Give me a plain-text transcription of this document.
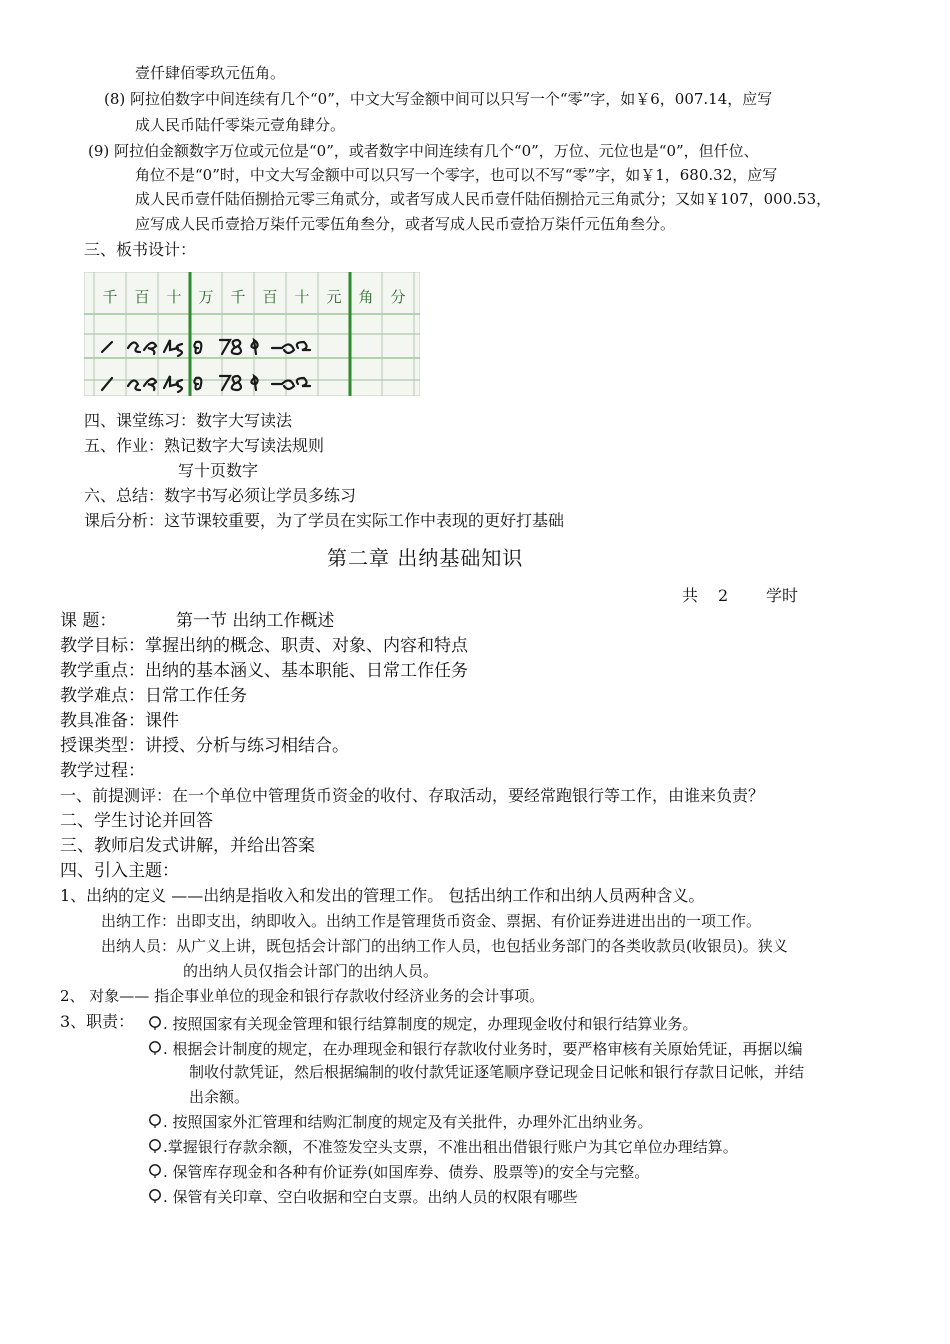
壹仟肆佰零玖元伍角。
(8) 阿拉伯数字中间连续有几个“0”，中文大写金额中间可以只写一个“零”字，如￥6，007.14，应写
成人民币陆仟零柒元壹角肆分。
(9) 阿拉伯金额数字万位或元位是“0”，或者数字中间连续有几个“0”，万位、元位也是“0”，但仟位、
角位不是“0”时，中文大写金额中可以只写一个零字，也可以不写“零”字，如￥1，680.32，应写
成人民币壹仟陆佰捌拾元零三角贰分，或者写成人民币壹仟陆佰捌拾元三角贰分；又如￥107，000.53，
应写成人民币壹拾万柒仟元零伍角叁分，或者写成人民币壹拾万柒仟元伍角叁分。
三、板书设计：
千 百 十 万 千 百 十 元 角 分
四、课堂练习：数字大写读法
五、作业：熟记数字大写读法规则
写十页数字
六、总结：数字书写必须让学员多练习
课后分析：这节课较重要，为了学员在实际工作中表现的更好打基础
第二章 出纳基础知识
共 2 学时
课 题：	第一节 出纳工作概述
教学目标：掌握出纳的概念、职责、对象、内容和特点
教学重点：出纳的基本涵义、基本职能、日常工作任务
教学难点：日常工作任务
教具准备：课件
授课类型：讲授、分析与练习相结合。
教学过程：
一、前提测评：在一个单位中管理货币资金的收付、存取活动，要经常跑银行等工作，由谁来负责？
二、学生讨论并回答
三、教师启发式讲解，并给出答案
四、引入主题：
1、出纳的定义 ——出纳是指收入和发出的管理工作。 包括出纳工作和出纳人员两种含义。
出纳工作：出即支出，纳即收入。出纳工作是管理货币资金、票据、有价证券进进出出的一项工作。
出纳人员：从广义上讲，既包括会计部门的出纳工作人员，也包括业务部门的各类收款员(收银员)。狭义
的出纳人员仅指会计部门的出纳人员。
2、 对象—— 指企事业单位的现金和银行存款收付经济业务的会计事项。
3、职责：	. 按照国家有关现金管理和银行结算制度的规定，办理现金收付和银行结算业务。
. 根据会计制度的规定，在办理现金和银行存款收付业务时，要严格审核有关原始凭证，再据以编
制收付款凭证，然后根据编制的收付款凭证逐笔顺序登记现金日记帐和银行存款日记帐，并结
出余额。
. 按照国家外汇管理和结购汇制度的规定及有关批件，办理外汇出纳业务。
.掌握银行存款余额，不准签发空头支票，不准出租出借银行账户为其它单位办理结算。
. 保管库存现金和各种有价证券(如国库券、债券、股票等)的安全与完整。
. 保管有关印章、空白收据和空白支票。出纳人员的权限有哪些
